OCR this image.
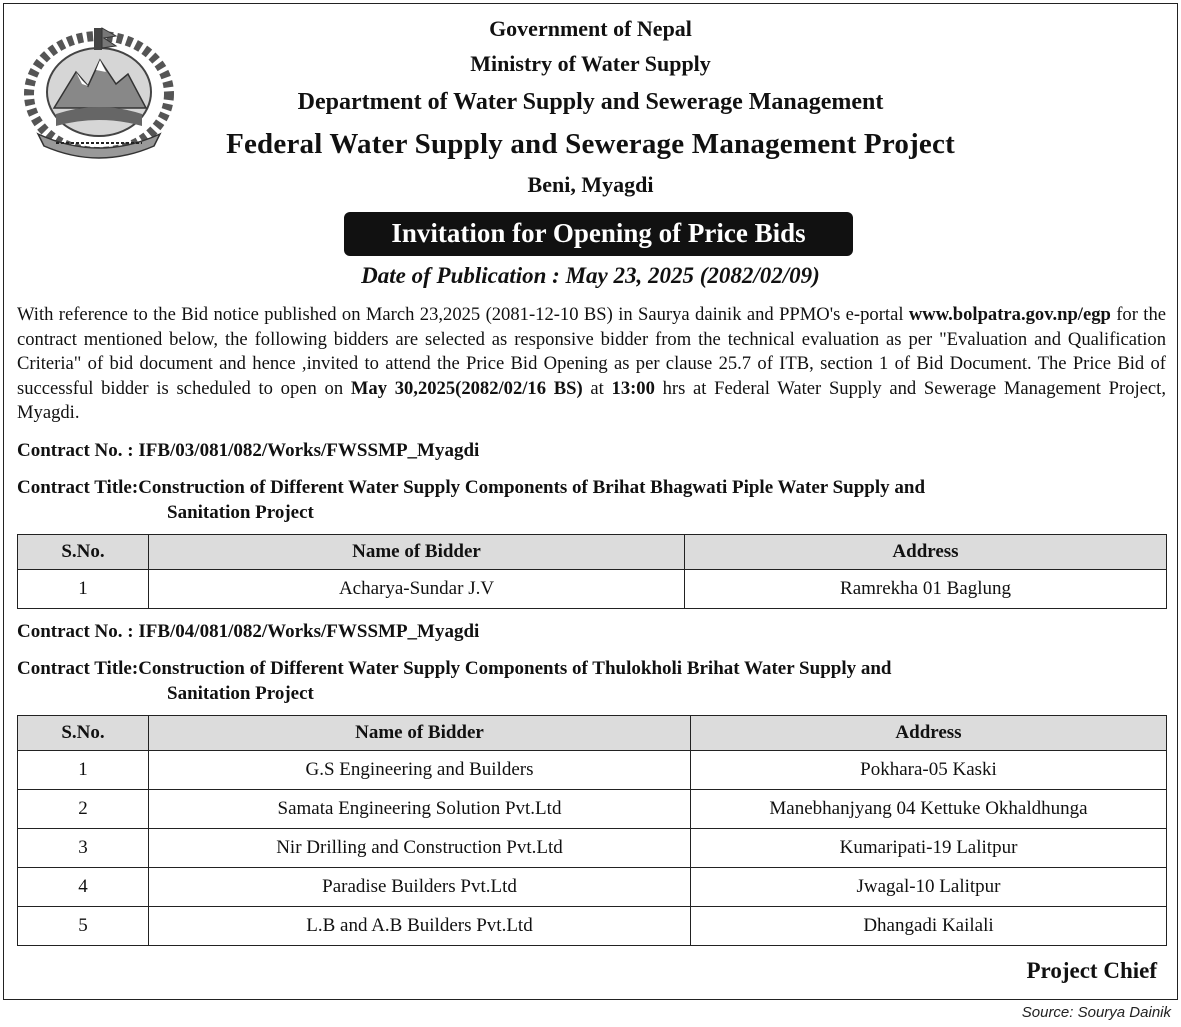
Government of Nepal
Ministry of Water Supply
Department of Water Supply and Sewerage Management
Federal Water Supply and Sewerage Management Project
Beni, Myagdi
Invitation for Opening of Price Bids
Date of Publication : May 23, 2025 (2082/02/09)

With reference to the Bid notice published on March 23,2025 (2081-12-10 BS) in Saurya dainik and PPMO's e-portal www.bolpatra.gov.np/egp for the contract mentioned below, the following bidders are selected as responsive bidder from the technical evaluation as per "Evaluation and Qualification Criteria" of bid document and hence ,invited to attend the Price Bid Opening as per clause 25.7 of ITB, section 1 of Bid Document. The Price Bid of successful bidder is scheduled to open on May 30,2025(2082/02/16 BS) at 13:00 hrs at Federal Water Supply and Sewerage Management Project, Myagdi.

Contract No. : IFB/03/081/082/Works/FWSSMP_Myagdi
Contract Title:Construction of Different Water Supply Components of Brihat Bhagwati Piple Water Supply and
Sanitation Project
S.No.	Name of Bidder	Address
1	Acharya-Sundar J.V	Ramrekha 01 Baglung
Contract No. : IFB/04/081/082/Works/FWSSMP_Myagdi
Contract Title:Construction of Different Water Supply Components of Thulokholi Brihat Water Supply and
Sanitation Project
S.No.	Name of Bidder	Address
1	G.S Engineering and Builders	Pokhara-05 Kaski
2	Samata Engineering Solution Pvt.Ltd	Manebhanjyang 04 Kettuke Okhaldhunga
3	Nir Drilling and Construction Pvt.Ltd	Kumaripati-19 Lalitpur
4	Paradise Builders Pvt.Ltd	Jwagal-10 Lalitpur
5	L.B and A.B Builders Pvt.Ltd	Dhangadi Kailali
Project Chief
Source: Sourya Dainik
